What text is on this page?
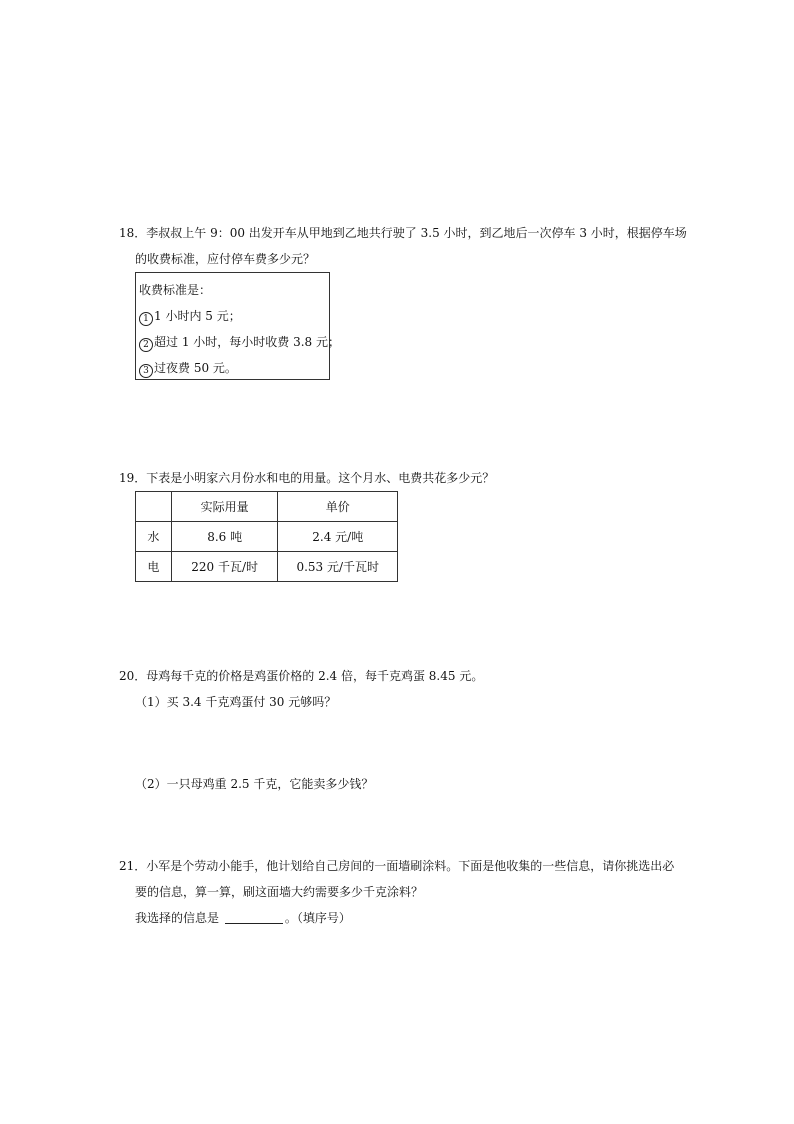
18．李叔叔上午 9：00 出发开车从甲地到乙地共行驶了 3.5 小时，到乙地后一次停车 3 小时，根据停车场
的收费标准，应付停车费多少元？
收费标准是：
1 1 小时内 5 元；
2 超过 1 小时，每小时收费 3.8 元；
3 过夜费 50 元。
19．下表是小明家六月份水和电的用量。这个月水、电费共花多少元？
	实际用量	单价
水	8.6 吨	2.4 元/吨
电	220 千瓦/时	0.53 元/千瓦时
20．母鸡每千克的价格是鸡蛋价格的 2.4 倍，每千克鸡蛋 8.45 元。
（1）买 3.4 千克鸡蛋付 30 元够吗？
（2）一只母鸡重 2.5 千克，它能卖多少钱？
21．小军是个劳动小能手，他计划给自己房间的一面墙刷涂料。下面是他收集的一些信息，请你挑选出必
要的信息，算一算，刷这面墙大约需要多少千克涂料？
我选择的信息是	。（填序号）
